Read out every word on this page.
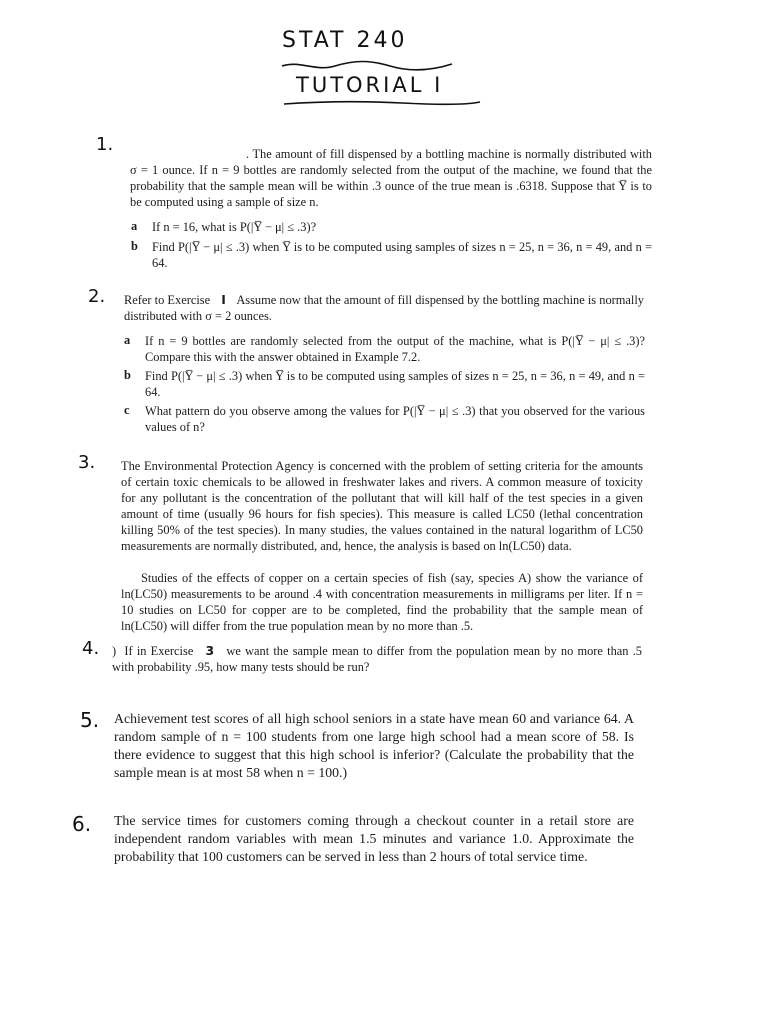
STAT 240
TUTORIAL I
1.	. The amount of fill dispensed by a bottling machine is normally distributed with σ = 1 ounce. If n = 9 bottles are randomly selected from the output of the machine, we found that the probability that the sample mean will be within .3 ounce of the true mean is .6318. Suppose that Y̅ is to be computed using a sample of size n.

a If n = 16, what is P(|Y̅ − μ| ≤ .3)?

b Find P(|Y̅ − μ| ≤ .3) when Y̅ is to be computed using samples of sizes n = 25, n = 36, n = 49, and n = 64.

2. Refer to Exercise I Assume now that the amount of fill dispensed by the bottling machine is normally distributed with σ = 2 ounces.

a If n = 9 bottles are randomly selected from the output of the machine, what is P(|Y̅ − μ| ≤ .3)? Compare this with the answer obtained in Example 7.2.

b Find P(|Y̅ − μ| ≤ .3) when Y̅ is to be computed using samples of sizes n = 25, n = 36, n = 49, and n = 64.

c What pattern do you observe among the values for P(|Y̅ − μ| ≤ .3) that you observed for the various values of n?

3. The Environmental Protection Agency is concerned with the problem of setting criteria for the amounts of certain toxic chemicals to be allowed in freshwater lakes and rivers. A common measure of toxicity for any pollutant is the concentration of the pollutant that will kill half of the test species in a given amount of time (usually 96 hours for fish species). This measure is called LC50 (lethal concentration killing 50% of the test species). In many studies, the values contained in the natural logarithm of LC50 measurements are normally distributed, and, hence, the analysis is based on ln(LC50) data.

Studies of the effects of copper on a certain species of fish (say, species A) show the variance of ln(LC50) measurements to be around .4 with concentration measurements in milligrams per liter. If n = 10 studies on LC50 for copper are to be completed, find the probability that the sample mean of ln(LC50) will differ from the true population mean by no more than .5.

4. ) If in Exercise 3 we want the sample mean to differ from the population mean by no more than .5 with probability .95, how many tests should be run?

5. Achievement test scores of all high school seniors in a state have mean 60 and variance 64. A random sample of n = 100 students from one large high school had a mean score of 58. Is there evidence to suggest that this high school is inferior? (Calculate the probability that the sample mean is at most 58 when n = 100.)

6. The service times for customers coming through a checkout counter in a retail store are independent random variables with mean 1.5 minutes and variance 1.0. Approximate the probability that 100 customers can be served in less than 2 hours of total service time.
